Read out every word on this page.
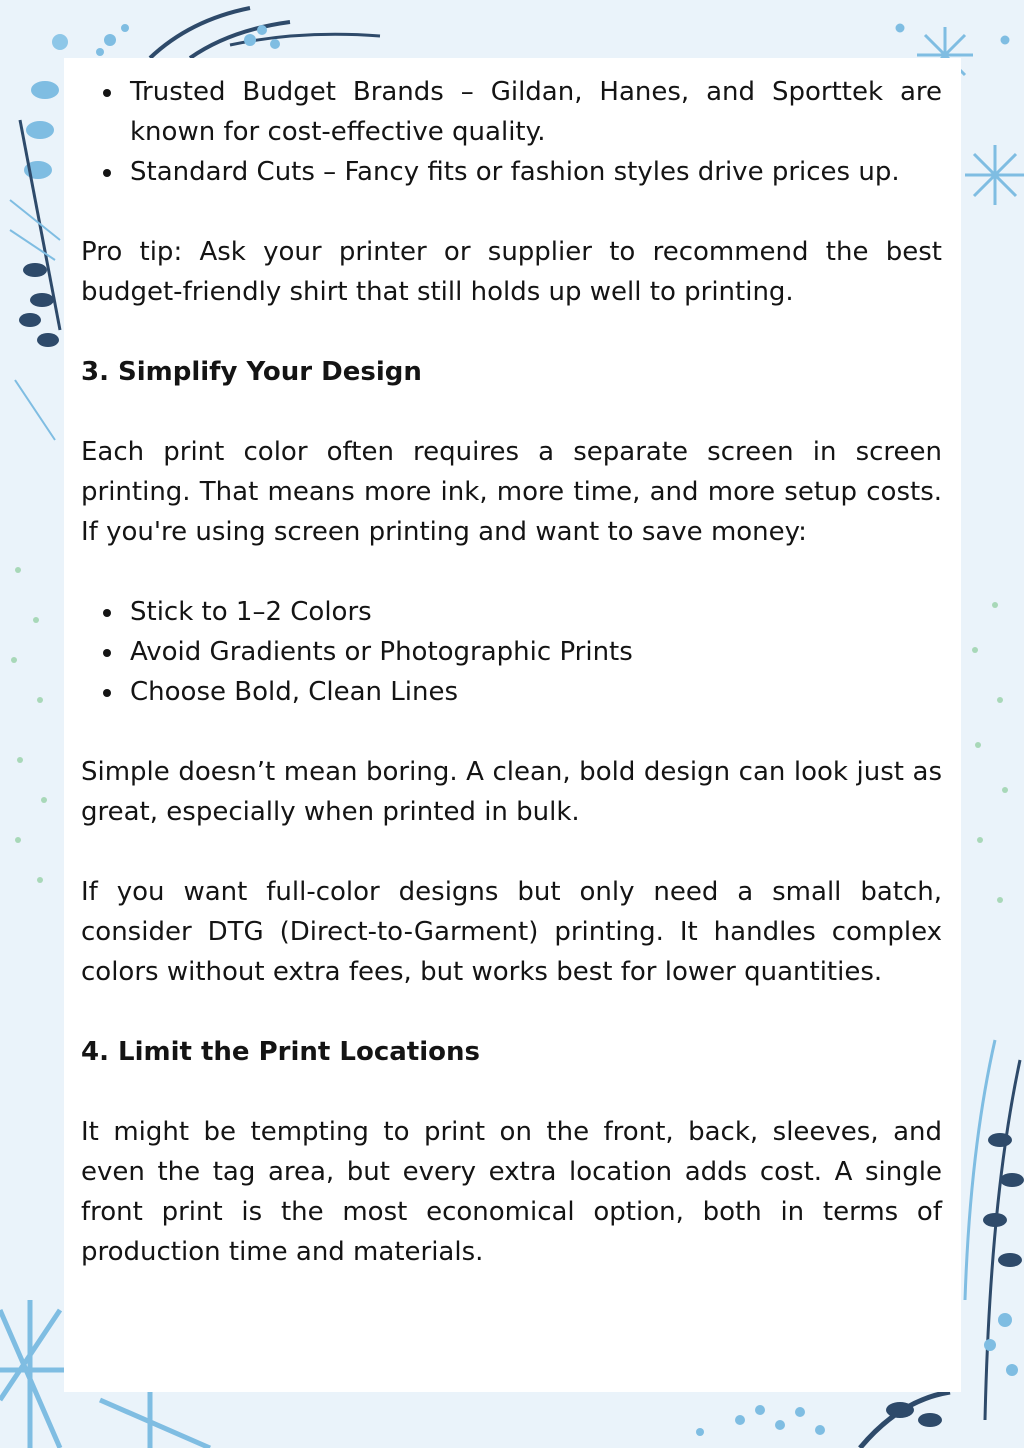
Trusted Budget Brands – Gildan, Hanes, and Sporttek are known for cost-effective quality.
Standard Cuts – Fancy fits or fashion styles drive prices up.

Pro tip: Ask your printer or supplier to recommend the best budget-friendly shirt that still holds up well to printing.

3. Simplify Your Design

Each print color often requires a separate screen in screen printing. That means more ink, more time, and more setup costs. If you're using screen printing and want to save money:

Stick to 1–2 Colors
Avoid Gradients or Photographic Prints
Choose Bold, Clean Lines

Simple doesn’t mean boring. A clean, bold design can look just as great, especially when printed in bulk.

If you want full-color designs but only need a small batch, consider DTG (Direct-to-Garment) printing. It handles complex colors without extra fees, but works best for lower quantities.

4. Limit the Print Locations

It might be tempting to print on the front, back, sleeves, and even the tag area, but every extra location adds cost. A single front print is the most economical option, both in terms of production time and materials.
